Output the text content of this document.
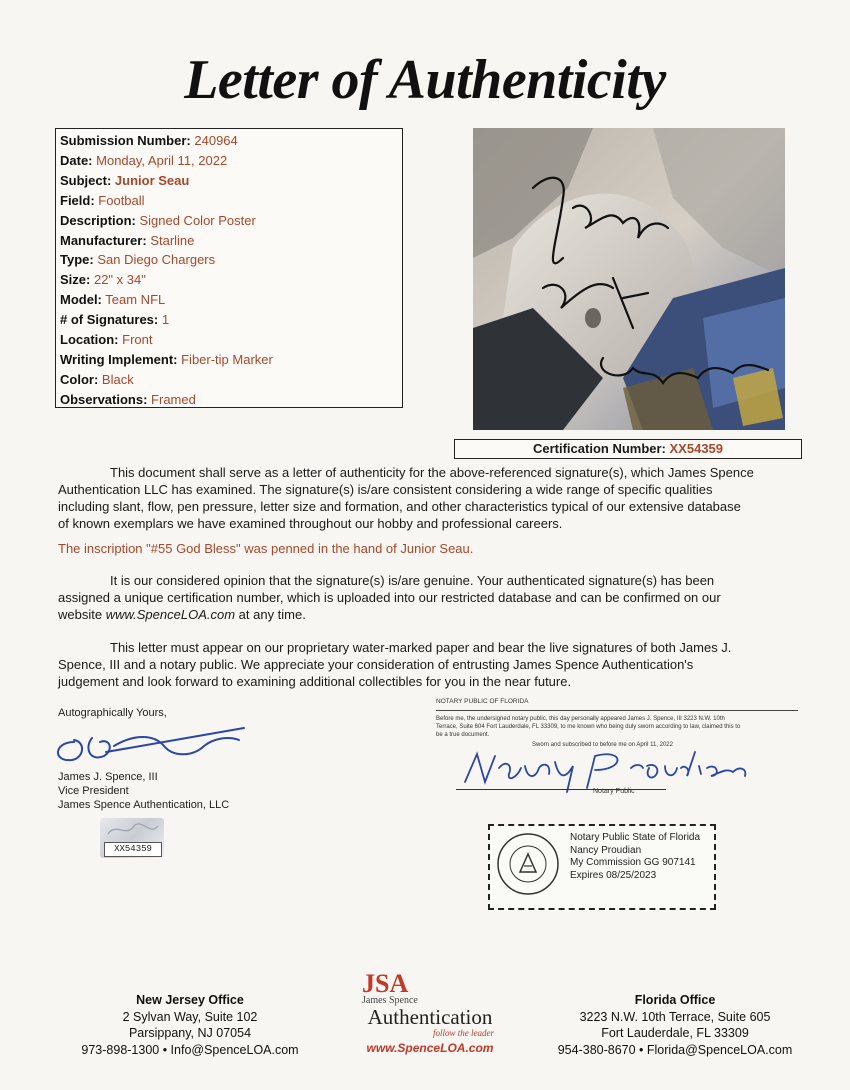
Letter of Authenticity
Submission Number: 240964
Date: Monday, April 11, 2022
Subject: Junior Seau
Field: Football
Description: Signed Color Poster
Manufacturer: Starline
Type: San Diego Chargers
Size: 22" x 34"
Model: Team NFL
# of Signatures: 1
Location: Front
Writing Implement: Fiber-tip Marker
Color: Black
Observations: Framed
Certification Number: XX54359
This document shall serve as a letter of authenticity for the above-referenced signature(s), which James Spence
Authentication LLC has examined. The signature(s) is/are consistent considering a wide range of specific qualities
including slant, flow, pen pressure, letter size and formation, and other characteristics typical of our extensive database
of known exemplars we have examined throughout our hobby and professional careers.
The inscription "#55 God Bless" was penned in the hand of Junior Seau.
It is our considered opinion that the signature(s) is/are genuine. Your authenticated signature(s) has been
assigned a unique certification number, which is uploaded into our restricted database and can be confirmed on our
website www.SpenceLOA.com at any time.
This letter must appear on our proprietary water-marked paper and bear the live signatures of both James J.
Spence, III and a notary public. We appreciate your consideration of entrusting James Spence Authentication's
judgement and look forward to examining additional collectibles for you in the near future.
Autographically Yours,
James J. Spence, III
Vice President
James Spence Authentication, LLC
XX54359
NOTARY PUBLIC OF FLORIDA
Before me, the undersigned notary public, this day personally appeared James J. Spence, III 3223 N.W. 10th
Terrace, Suite 604 Fort Lauderdale, FL 33309, to me known who being duly sworn according to law, claimed this to
be a true document.
Sworn and subscribed to before me on April 11, 2022
Nancy Proudian
Notary Public
Notary Public State of Florida
Nancy Proudian
My Commission GG 907141
Expires 08/25/2023
New Jersey Office
2 Sylvan Way, Suite 102
Parsippany, NJ 07054
973-898-1300 • Info@SpenceLOA.com
JSA
James Spence
Authentication
follow the leader
www.SpenceLOA.com
Florida Office
3223 N.W. 10th Terrace, Suite 605
Fort Lauderdale, FL 33309
954-380-8670 • Florida@SpenceLOA.com
